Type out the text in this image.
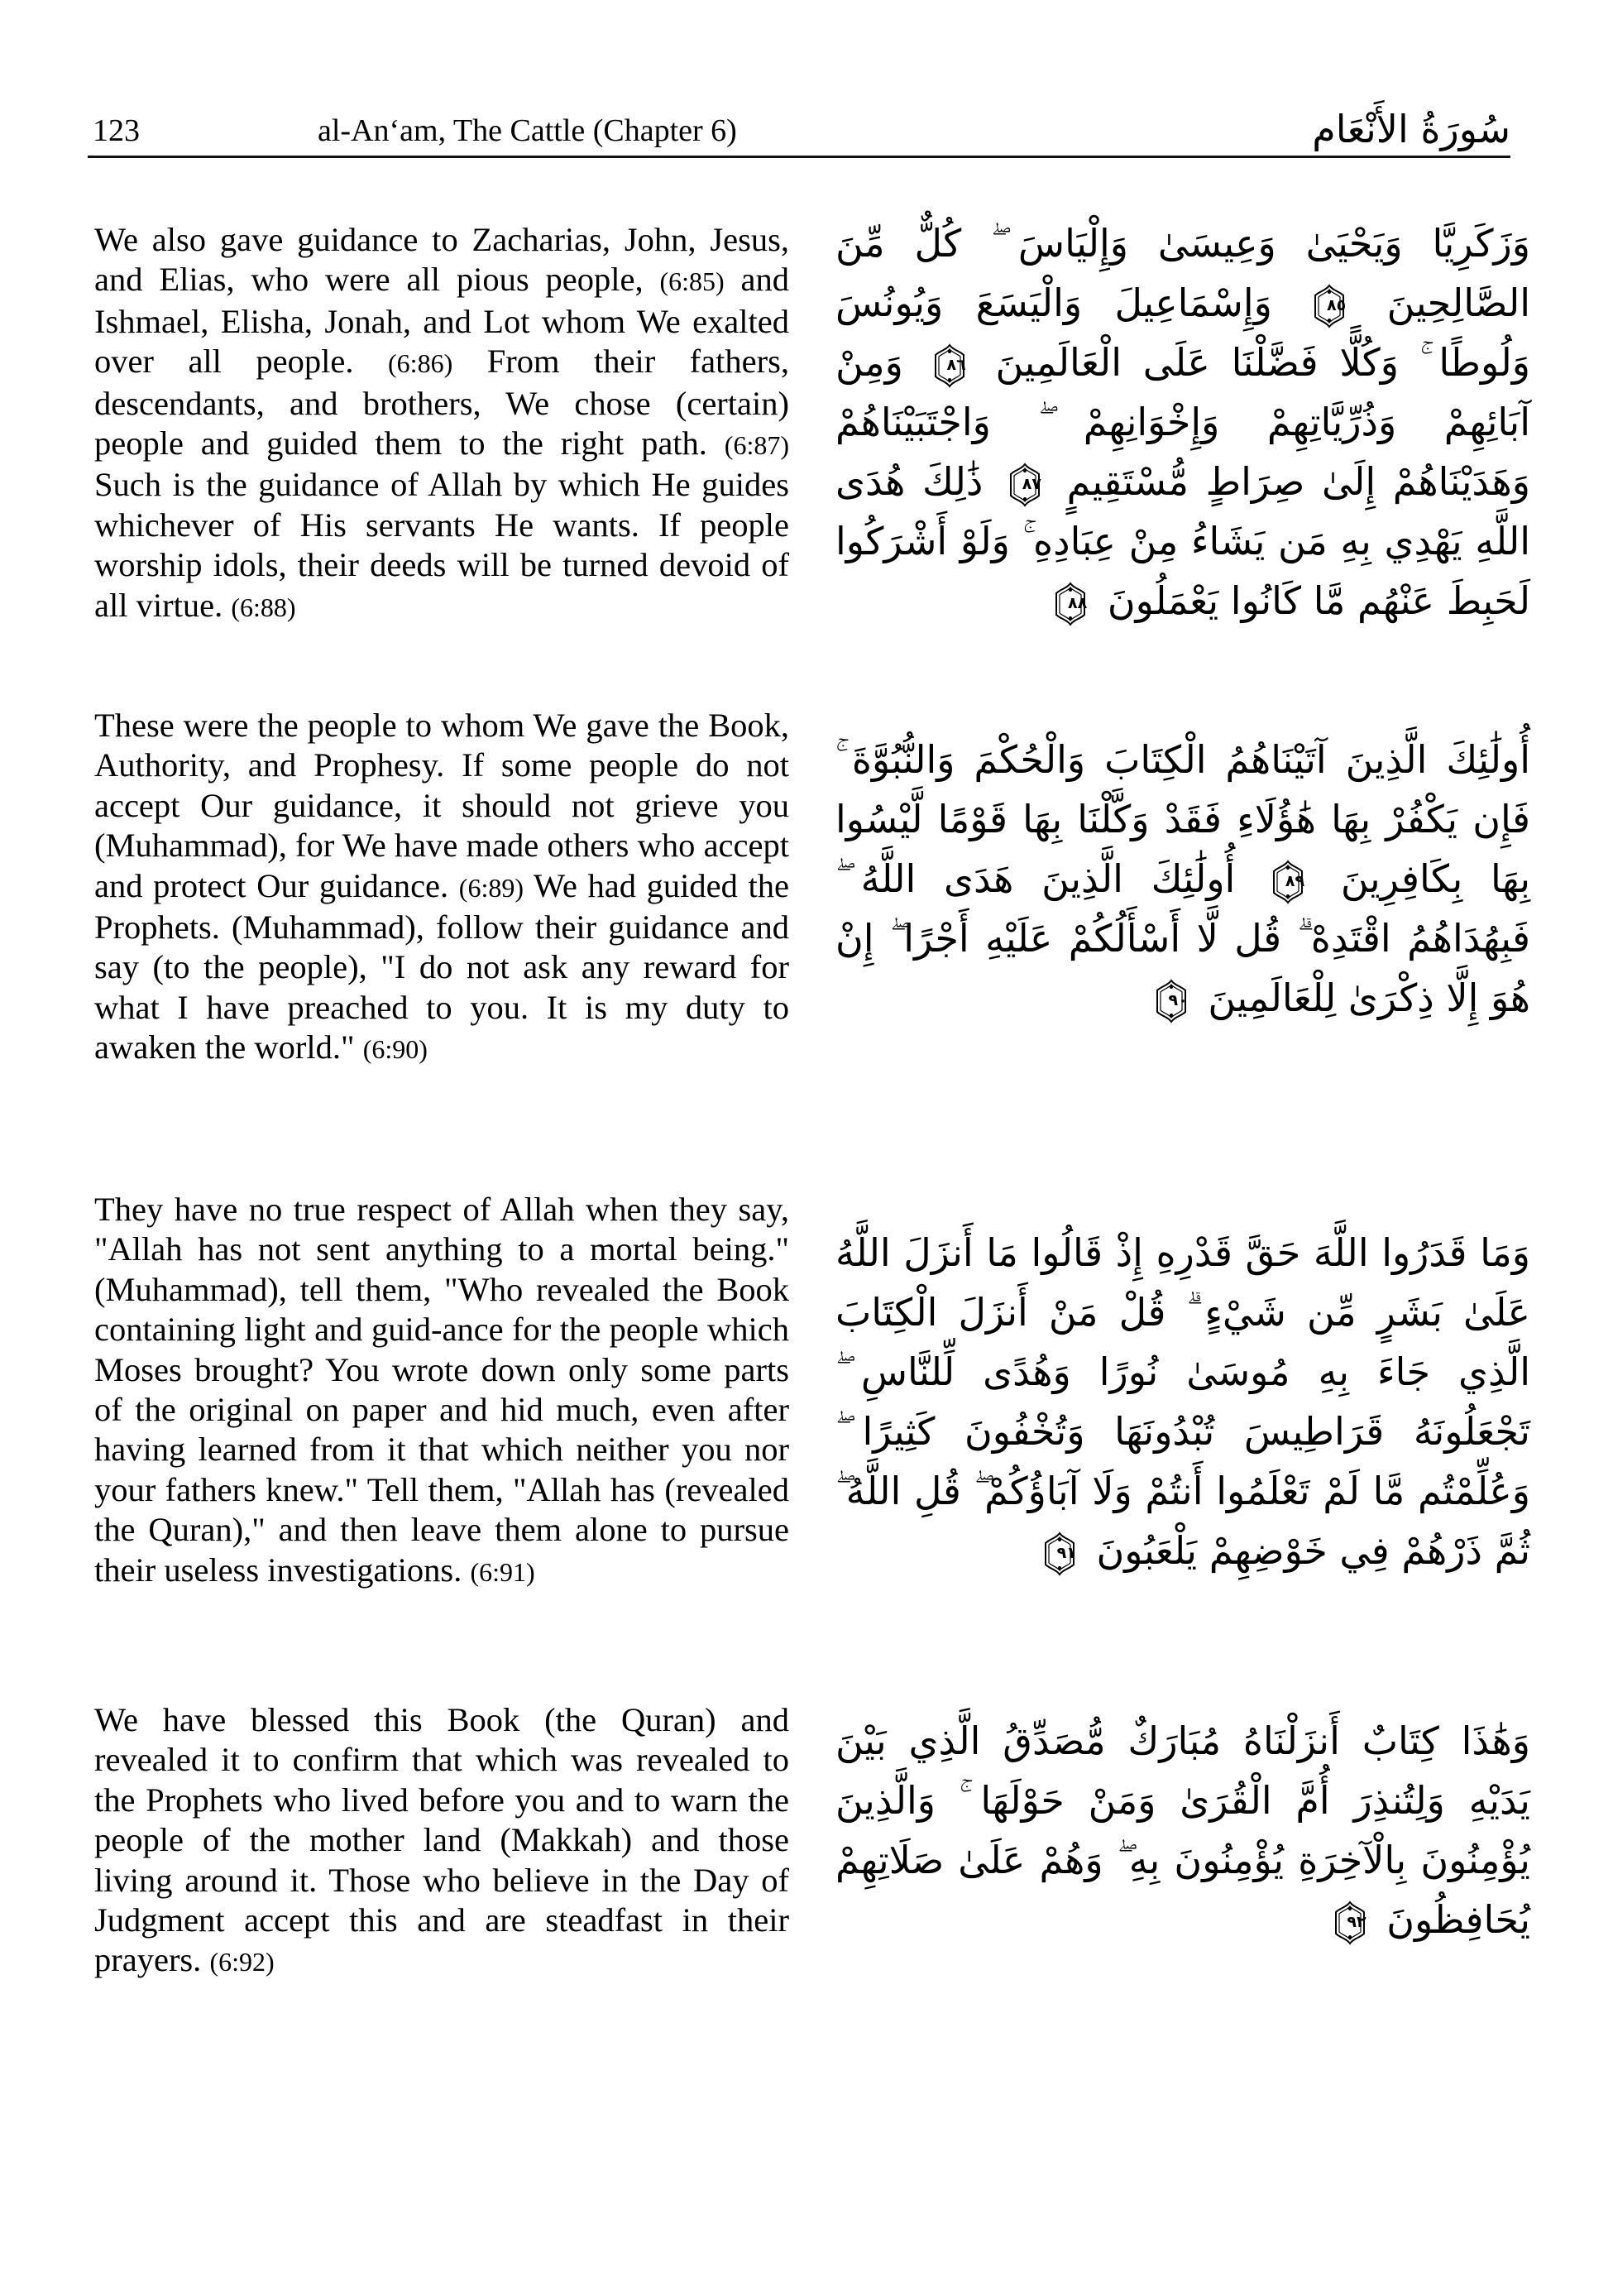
123	al-An‘am, The Cattle (Chapter 6)	سُورَةُ الأَنْعَام
We also gave guidance to Zacharias, John, Jesus, and Elias, who were all pious people, (6:85) and Ishmael, Elisha, Jonah, and Lot whom We exalted over all people. (6:86) From their fathers, descendants, and brothers, We chose (certain) people and guided them to the right path. (6:87) Such is the guidance of Allah by which He guides whichever of His servants He wants. If people worship idols, their deeds will be turned devoid of all virtue. (6:88)
وَزَكَرِيَّا وَيَحْيَىٰ وَعِيسَىٰ وَإِلْيَاسَ ۖ كُلٌّ مِّنَ الصَّالِحِينَ
٨٥
وَإِسْمَاعِيلَ وَالْيَسَعَ وَيُونُسَ وَلُوطًا ۚ وَكُلًّا فَضَّلْنَا عَلَى الْعَالَمِينَ
٨٦
وَمِنْ آبَائِهِمْ وَذُرِّيَّاتِهِمْ وَإِخْوَانِهِمْ ۖ وَاجْتَبَيْنَاهُمْ وَهَدَيْنَاهُمْ إِلَىٰ صِرَاطٍ مُّسْتَقِيمٍ
٨٧
ذَٰلِكَ هُدَى اللَّهِ يَهْدِي بِهِ مَن يَشَاءُ مِنْ عِبَادِهِ ۚ وَلَوْ أَشْرَكُوا لَحَبِطَ عَنْهُم مَّا كَانُوا يَعْمَلُونَ
٨٨
These were the people to whom We gave the Book, Authority, and Prophesy. If some people do not accept Our guidance, it should not grieve you (Muhammad), for We have made others who accept and protect Our guidance. (6:89) We had guided the Prophets. (Muhammad), follow their guidance and say (to the people), "I do not ask any reward for what I have preached to you. It is my duty to awaken the world." (6:90)
أُولَٰئِكَ الَّذِينَ آتَيْنَاهُمُ الْكِتَابَ وَالْحُكْمَ وَالنُّبُوَّةَ ۚ فَإِن يَكْفُرْ بِهَا هَٰؤُلَاءِ فَقَدْ وَكَّلْنَا بِهَا قَوْمًا لَّيْسُوا بِهَا بِكَافِرِينَ
٨٩
أُولَٰئِكَ الَّذِينَ هَدَى اللَّهُ ۖ فَبِهُدَاهُمُ اقْتَدِهْ ۗ قُل لَّا أَسْأَلُكُمْ عَلَيْهِ أَجْرًا ۖ إِنْ هُوَ إِلَّا ذِكْرَىٰ لِلْعَالَمِينَ
٩٠
They have no true respect of Allah when they say, "Allah has not sent anything to a mortal being." (Muhammad), tell them, "Who revealed the Book containing light and guid-ance for the people which Moses brought? You wrote down only some parts of the original on paper and hid much, even after having learned from it that which neither you nor your fathers knew." Tell them, "Allah has (revealed the Quran)," and then leave them alone to pursue their useless investigations. (6:91)
وَمَا قَدَرُوا اللَّهَ حَقَّ قَدْرِهِ إِذْ قَالُوا مَا أَنزَلَ اللَّهُ عَلَىٰ بَشَرٍ مِّن شَيْءٍ ۗ قُلْ مَنْ أَنزَلَ الْكِتَابَ الَّذِي جَاءَ بِهِ مُوسَىٰ نُورًا وَهُدًى لِّلنَّاسِ ۖ تَجْعَلُونَهُ قَرَاطِيسَ تُبْدُونَهَا وَتُخْفُونَ كَثِيرًا ۖ وَعُلِّمْتُم مَّا لَمْ تَعْلَمُوا أَنتُمْ وَلَا آبَاؤُكُمْ ۖ قُلِ اللَّهُ ۖ ثُمَّ ذَرْهُمْ فِي خَوْضِهِمْ يَلْعَبُونَ
٩١
We have blessed this Book (the Quran) and revealed it to confirm that which was revealed to the Prophets who lived before you and to warn the people of the mother land (Makkah) and those living around it. Those who believe in the Day of Judgment accept this and are steadfast in their prayers. (6:92)
وَهَٰذَا كِتَابٌ أَنزَلْنَاهُ مُبَارَكٌ مُّصَدِّقُ الَّذِي بَيْنَ يَدَيْهِ وَلِتُنذِرَ أُمَّ الْقُرَىٰ وَمَنْ حَوْلَهَا ۚ وَالَّذِينَ يُؤْمِنُونَ بِالْآخِرَةِ يُؤْمِنُونَ بِهِ ۖ وَهُمْ عَلَىٰ صَلَاتِهِمْ يُحَافِظُونَ
٩٢
